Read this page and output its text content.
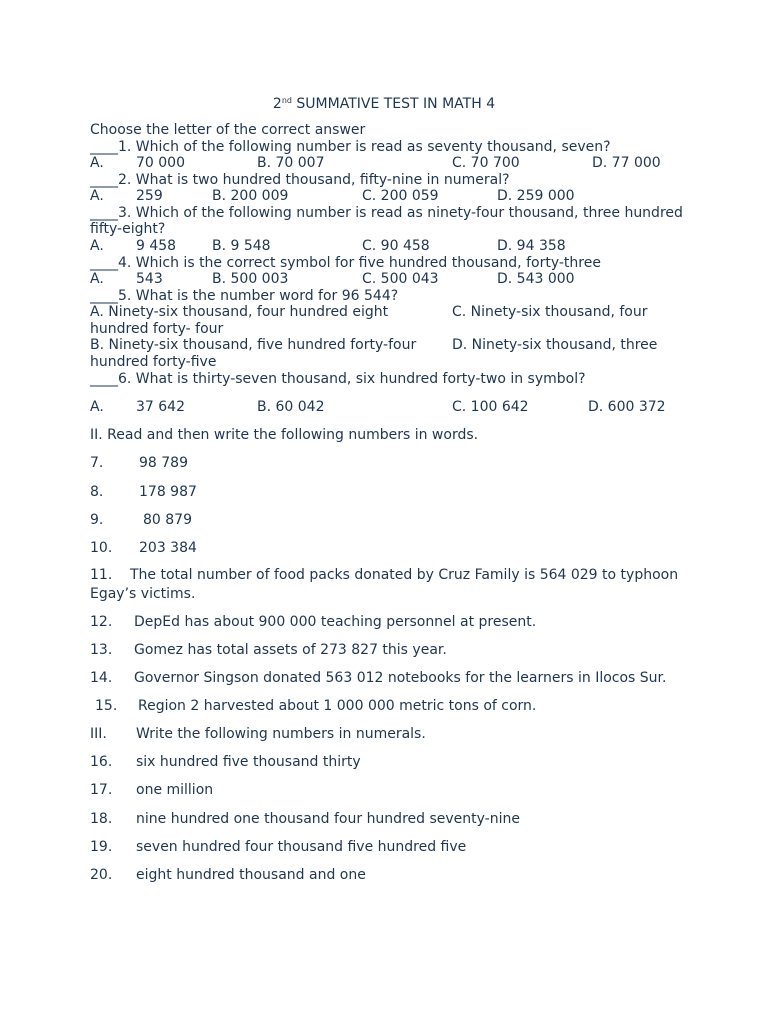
2nd SUMMATIVE TEST IN MATH 4
Choose the letter of the correct answer
____1. Which of the following number is read as seventy thousand, seven?
A. 70 000	B. 70 007	C. 70 700	D. 77 000
____2. What is two hundred thousand, fifty-nine in numeral?
A. 259	B. 200 009	C. 200 059	D. 259 000
____3. Which of the following number is read as ninety-four thousand, three hundred
fifty-eight?
A. 9 458	B. 9 548	C. 90 458	D. 94 358
____4. Which is the correct symbol for five hundred thousand, forty-three
A. 543	B. 500 003	C. 500 043	D. 543 000
____5. What is the number word for 96 544?
A. Ninety-six thousand, four hundred eight	C. Ninety-six thousand, four
hundred forty- four
B. Ninety-six thousand, five hundred forty-four	D. Ninety-six thousand, three
hundred forty-five
____6. What is thirty-seven thousand, six hundred forty-two in symbol?
A. 37 642	B. 60 042	C. 100 642	D. 600 372
II. Read and then write the following numbers in words.
7.	98 789
8.	178 987
9.	80 879
10. 203 384
11. The total number of food packs donated by Cruz Family is 564 029 to typhoon
Egay’s victims.
12. DepEd has about 900 000 teaching personnel at present.
13. Gomez has total assets of 273 827 this year.
14. Governor Singson donated 563 012 notebooks for the learners in Ilocos Sur.
15. Region 2 harvested about 1 000 000 metric tons of corn.
III. Write the following numbers in numerals.
16. six hundred five thousand thirty
17. one million
18. nine hundred one thousand four hundred seventy-nine
19. seven hundred four thousand five hundred five
20. eight hundred thousand and one
